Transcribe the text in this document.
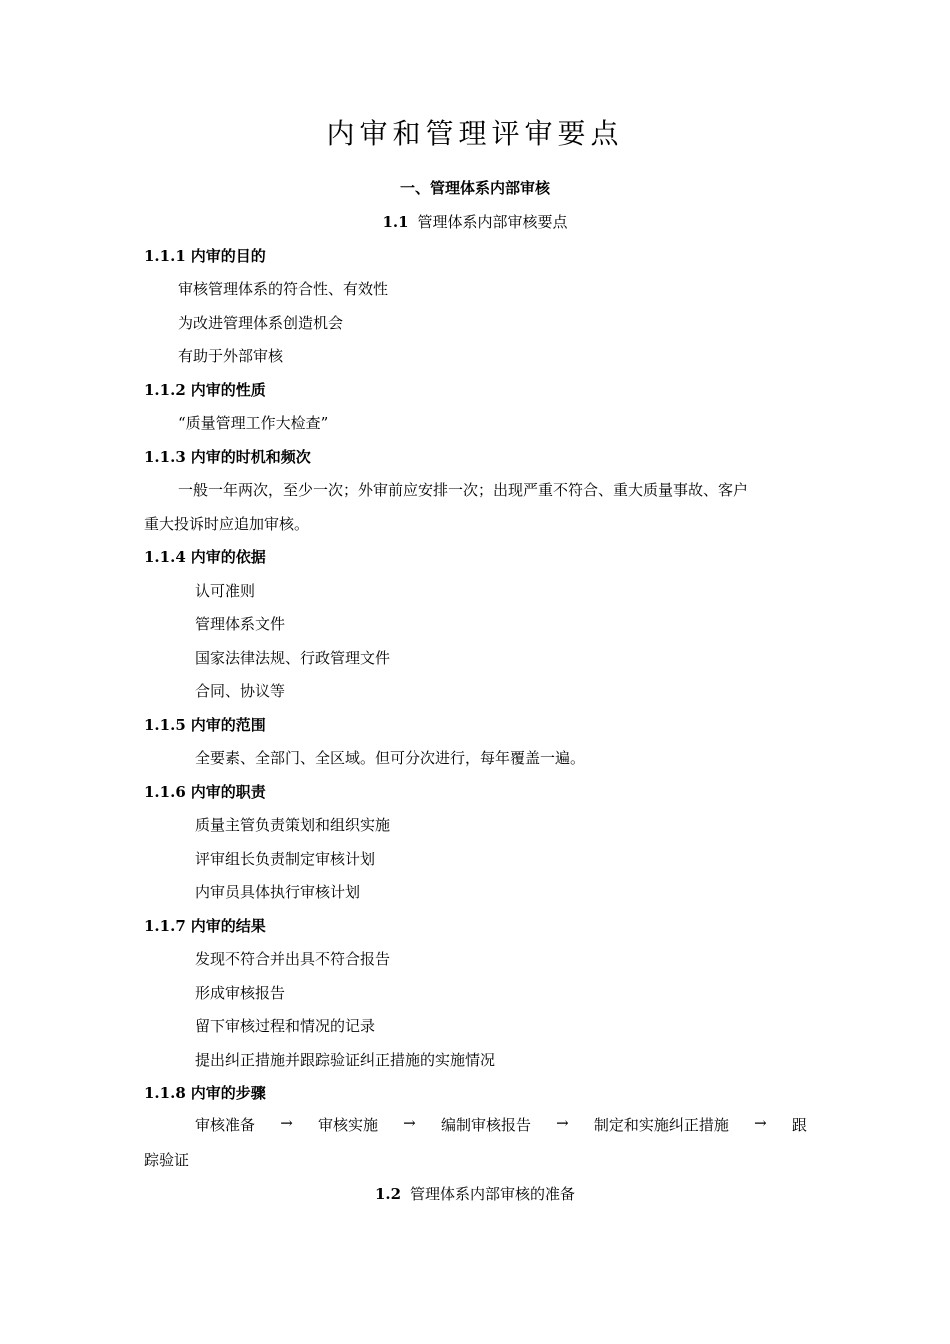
内审和管理评审要点
一、管理体系内部审核
1.1 管理体系内部审核要点
1.1.1 内审的目的
审核管理体系的符合性、有效性
为改进管理体系创造机会
有助于外部审核
1.1.2 内审的性质
“质量管理工作大检查”
1.1.3 内审的时机和频次
一般一年两次，至少一次；外审前应安排一次；出现严重不符合、重大质量事故、客户
重大投诉时应追加审核。
1.1.4 内审的依据
认可准则
管理体系文件
国家法律法规、行政管理文件
合同、协议等
1.1.5 内审的范围
全要素、全部门、全区域。但可分次进行，每年覆盖一遍。
1.1.6 内审的职责
质量主管负责策划和组织实施
评审组长负责制定审核计划
内审员具体执行审核计划
1.1.7 内审的结果
发现不符合并出具不符合报告
形成审核报告
留下审核过程和情况的记录
提出纠正措施并跟踪验证纠正措施的实施情况
1.1.8 内审的步骤
审核准备 → 审核实施 → 编制审核报告 → 制定和实施纠正措施 → 跟
踪验证
1.2 管理体系内部审核的准备
